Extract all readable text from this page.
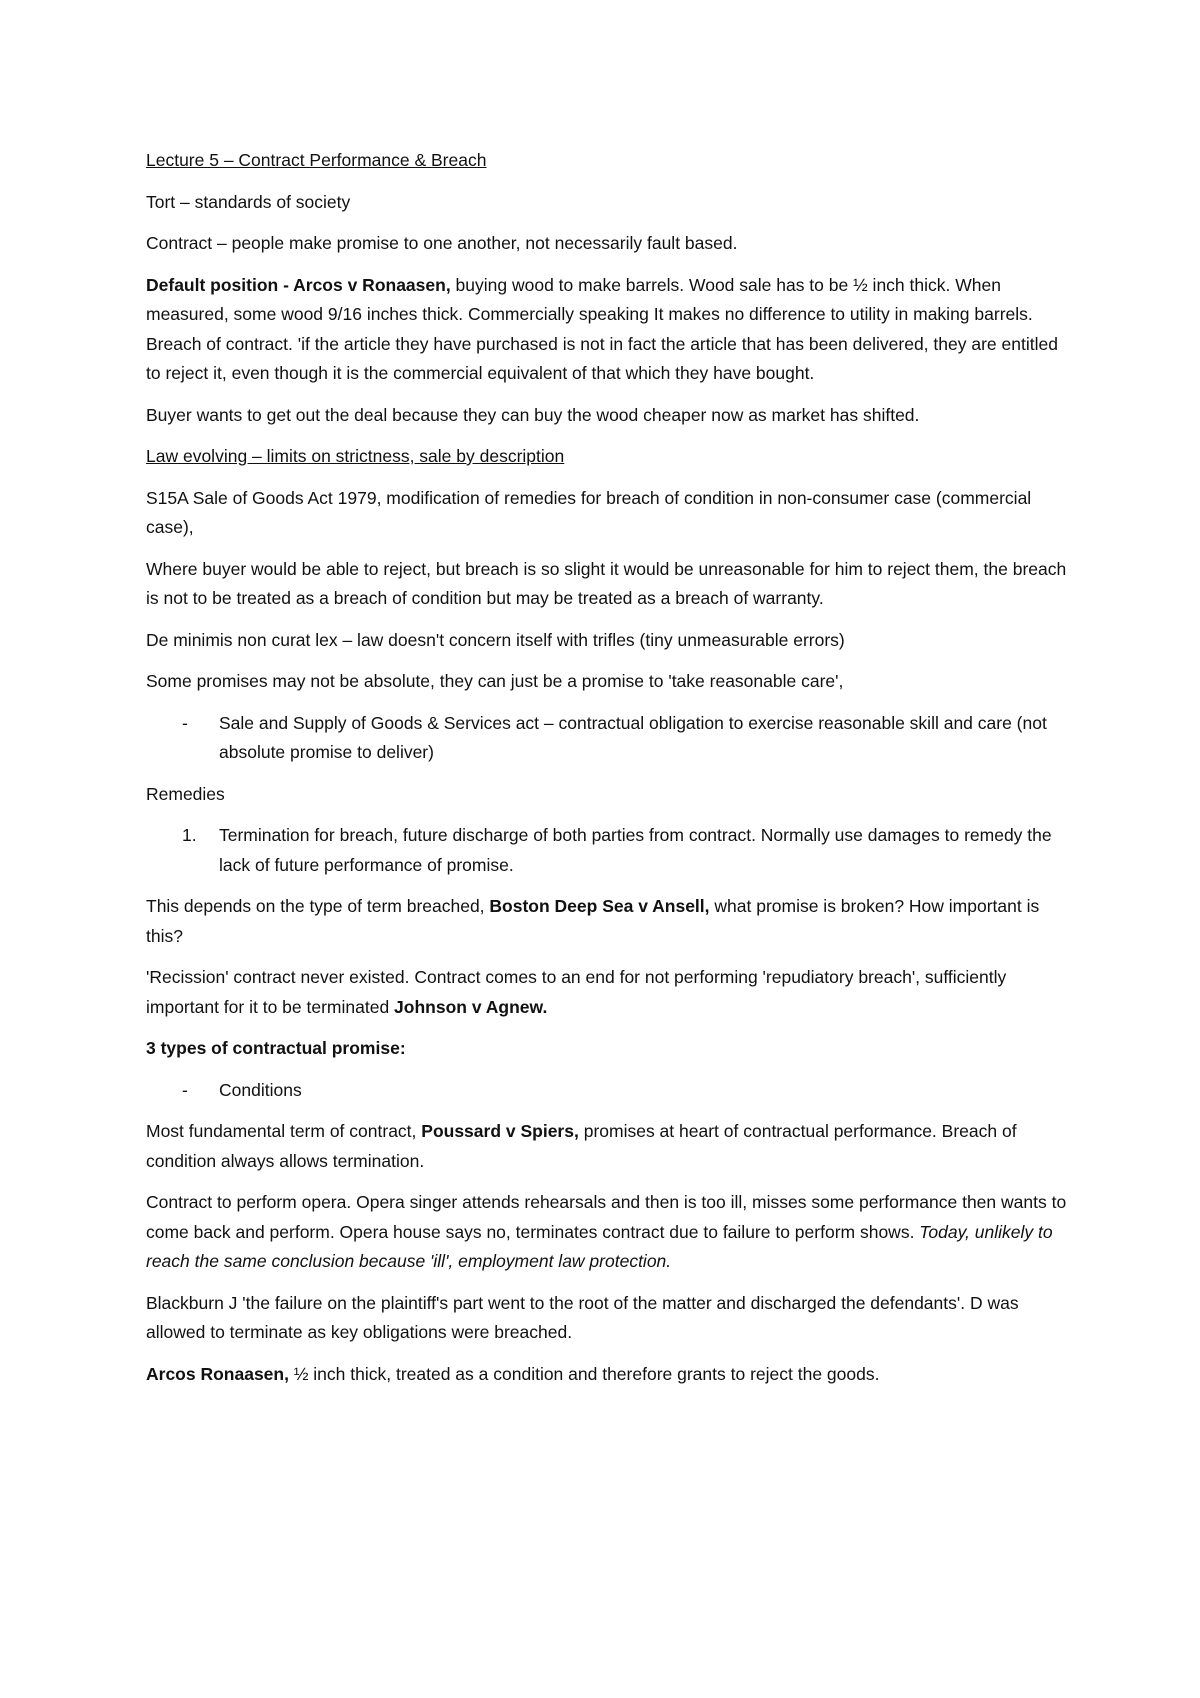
Lecture 5 – Contract Performance & Breach

Tort – standards of society

Contract – people make promise to one another, not necessarily fault based.

Default position - Arcos v Ronaasen, buying wood to make barrels. Wood sale has to be ½ inch thick. When measured, some wood 9/16 inches thick. Commercially speaking It makes no difference to utility in making barrels. Breach of contract. 'if the article they have purchased is not in fact the article that has been delivered, they are entitled to reject it, even though it is the commercial equivalent of that which they have bought.

Buyer wants to get out the deal because they can buy the wood cheaper now as market has shifted.

Law evolving – limits on strictness, sale by description

S15A Sale of Goods Act 1979, modification of remedies for breach of condition in non-consumer case (commercial case),

Where buyer would be able to reject, but breach is so slight it would be unreasonable for him to reject them, the breach is not to be treated as a breach of condition but may be treated as a breach of warranty.

De minimis non curat lex – law doesn't concern itself with trifles (tiny unmeasurable errors)

Some promises may not be absolute, they can just be a promise to 'take reasonable care',

- Sale and Supply of Goods & Services act – contractual obligation to exercise reasonable skill and care (not absolute promise to deliver)

Remedies

1. Termination for breach, future discharge of both parties from contract. Normally use damages to remedy the lack of future performance of promise.

This depends on the type of term breached, Boston Deep Sea v Ansell, what promise is broken? How important is this?

'Recission' contract never existed. Contract comes to an end for not performing 'repudiatory breach', sufficiently important for it to be terminated Johnson v Agnew.

3 types of contractual promise:

- Conditions

Most fundamental term of contract, Poussard v Spiers, promises at heart of contractual performance. Breach of condition always allows termination.

Contract to perform opera. Opera singer attends rehearsals and then is too ill, misses some performance then wants to come back and perform. Opera house says no, terminates contract due to failure to perform shows. Today, unlikely to reach the same conclusion because 'ill', employment law protection.

Blackburn J 'the failure on the plaintiff's part went to the root of the matter and discharged the defendants'. D was allowed to terminate as key obligations were breached.

Arcos Ronaasen, ½ inch thick, treated as a condition and therefore grants to reject the goods.
